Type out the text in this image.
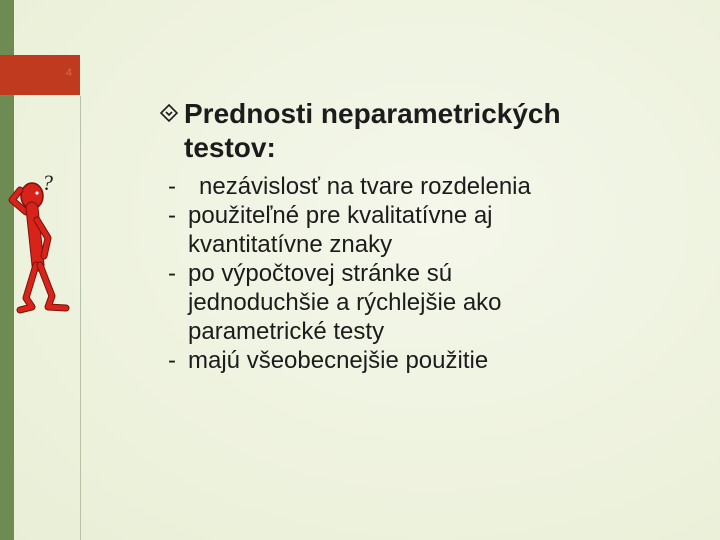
4
?
Prednosti neparametrických
testov:
- nezávislosť na tvare rozdelenia
- použiteľné pre kvalitatívne aj kvantitatívne znaky
- po výpočtovej stránke sú jednoduchšie a rýchlejšie ako parametrické testy
- majú všeobecnejšie použitie
